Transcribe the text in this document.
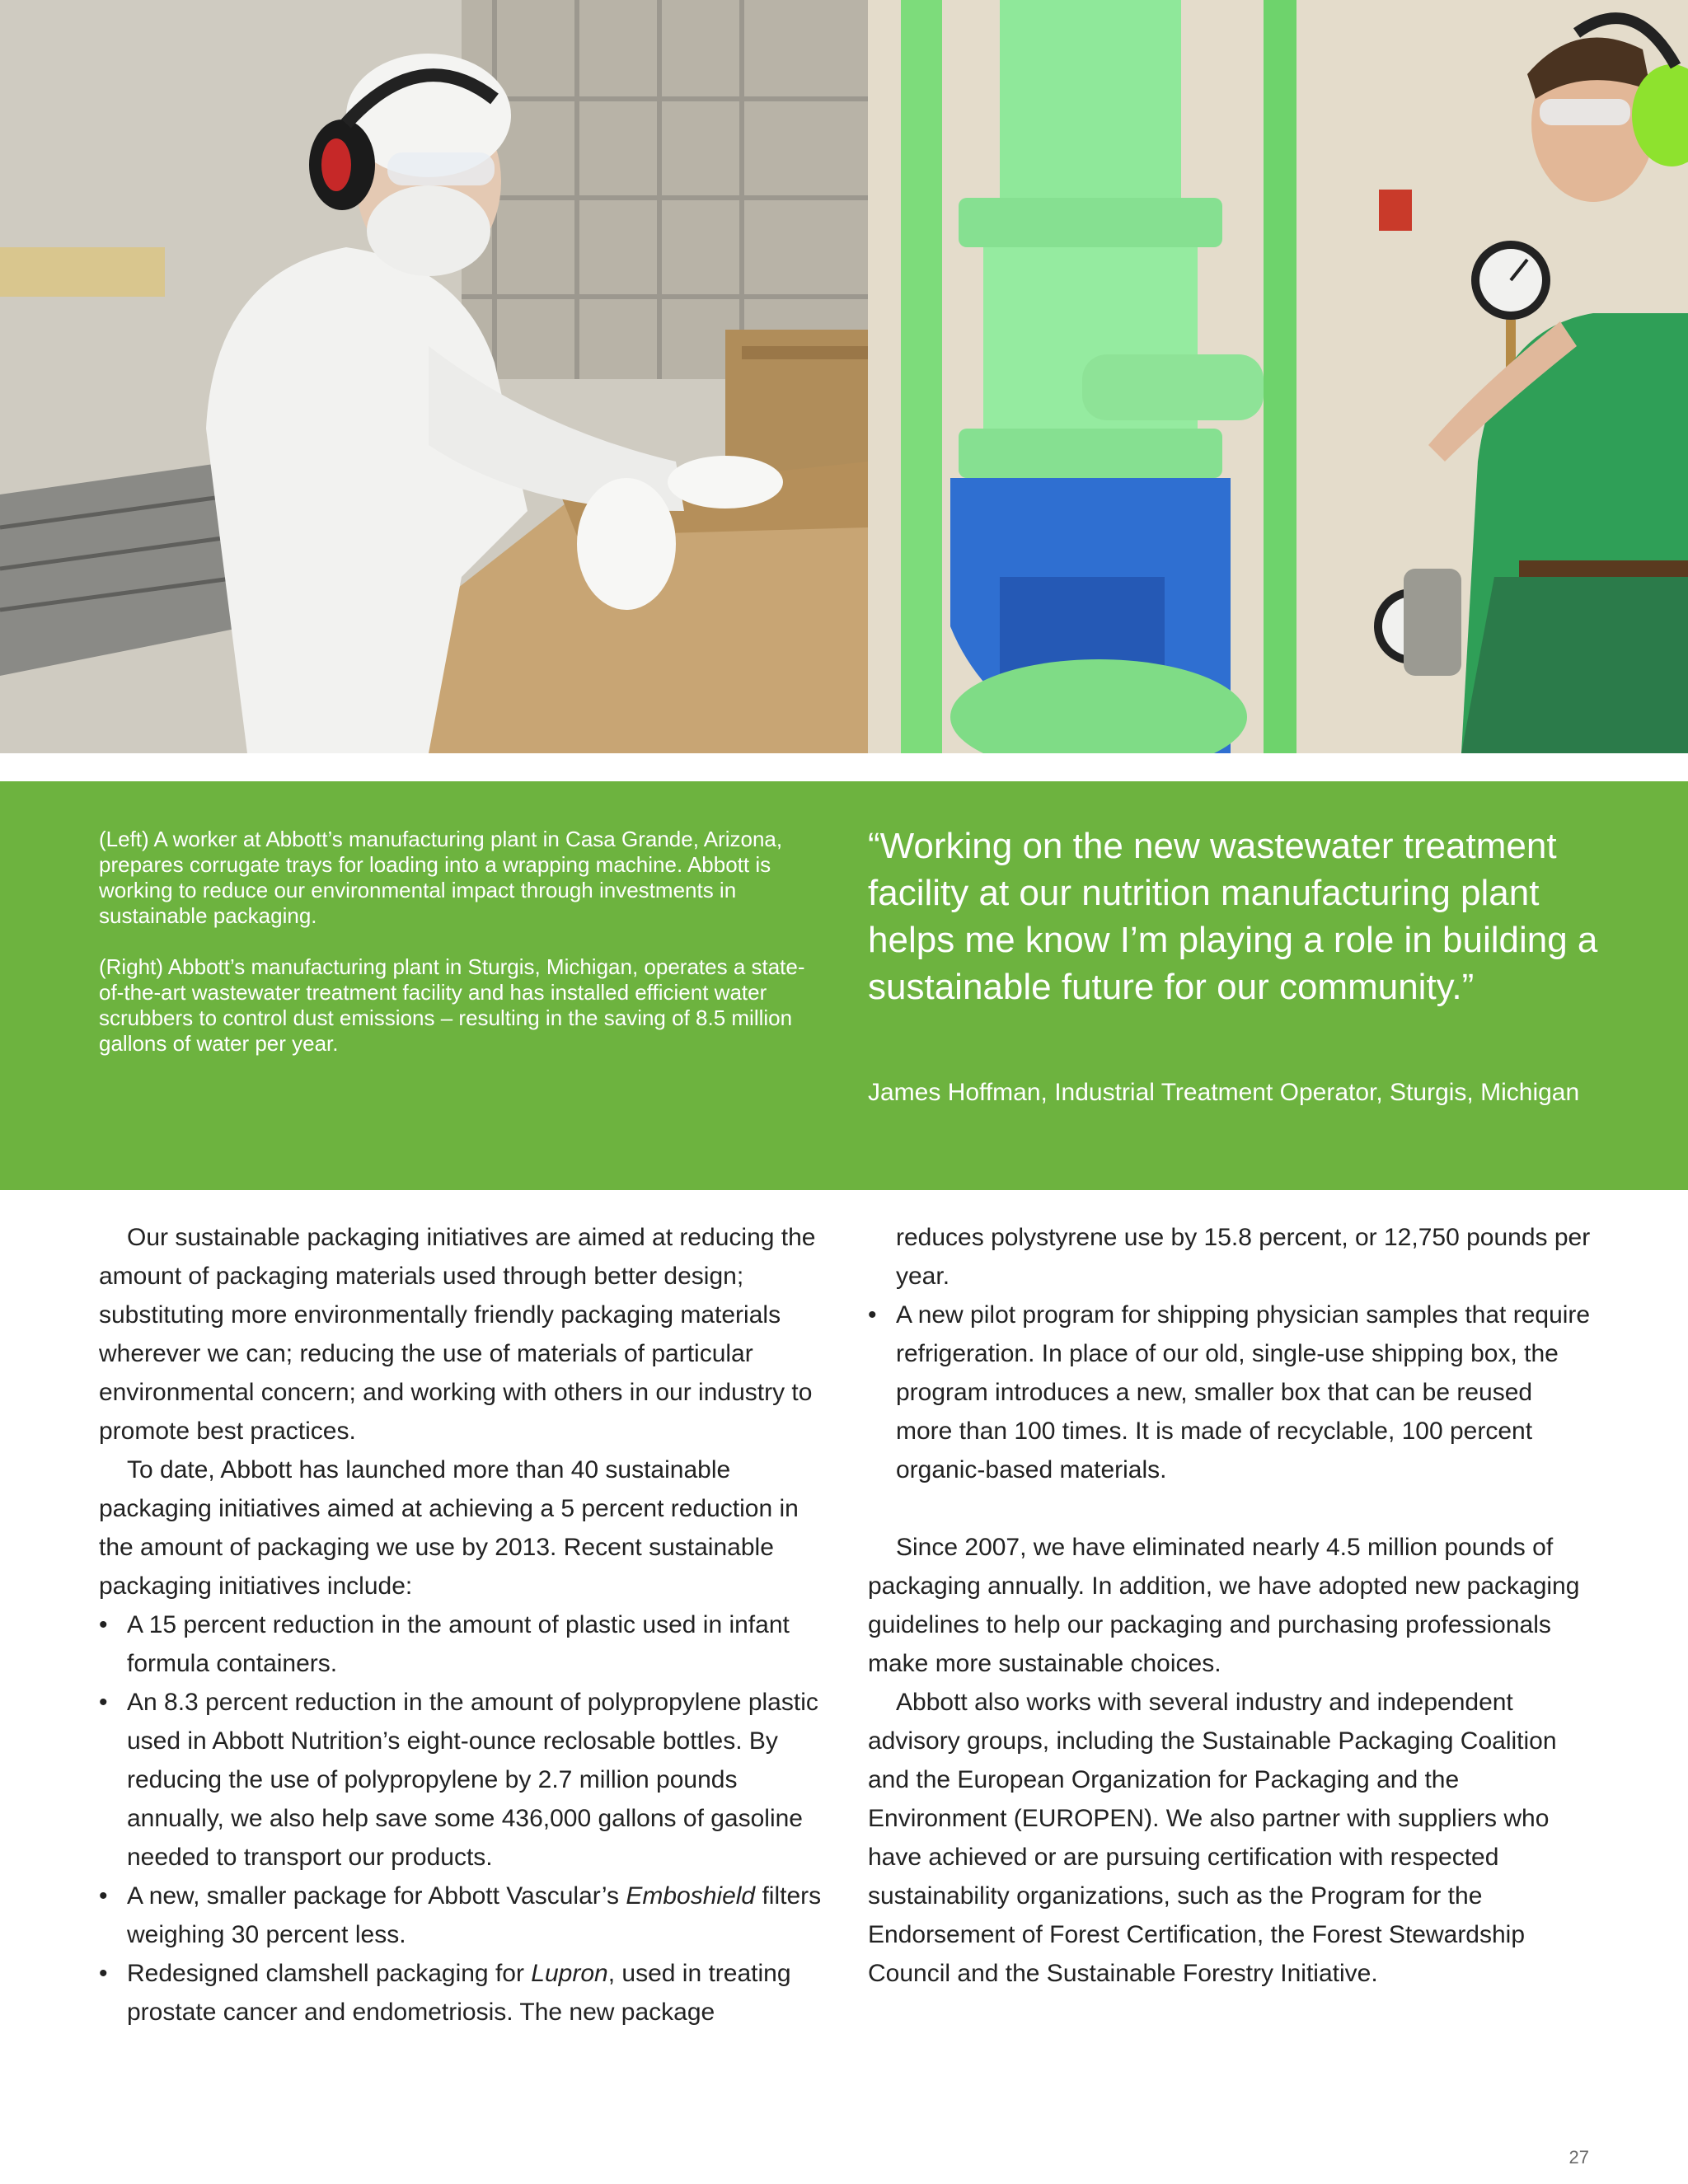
(Left) A worker at Abbott’s manufacturing plant in Casa Grande, Arizona, prepares corrugate trays for loading into a wrapping machine. Abbott is working to reduce our environmental impact through investments in sustainable packaging.

(Right) Abbott’s manufacturing plant in Sturgis, Michigan, operates a state-of-the-art wastewater treatment facility and has installed efficient water scrubbers to control dust emissions – resulting in the saving of 8.5 million gallons of water per year.

“Working on the new wastewater treatment facility at our nutrition manufacturing plant helps me know I’m playing a role in building a sustainable future for our community.”
James Hoffman, Industrial Treatment Operator, Sturgis, Michigan

Our sustainable packaging initiatives are aimed at reducing the amount of packaging materials used through better design; substituting more environmentally friendly packaging materials wherever we can; reducing the use of materials of particular environmental concern; and working with others in our industry to promote best practices.

To date, Abbott has launched more than 40 sustainable packaging initiatives aimed at achieving a 5 percent reduction in the amount of packaging we use by 2013. Recent sustainable packaging initiatives include:

• A 15 percent reduction in the amount of plastic used in infant formula containers.
• An 8.3 percent reduction in the amount of polypropylene plastic used in Abbott Nutrition’s eight-ounce reclosable bottles. By reducing the use of polypropylene by 2.7 million pounds annually, we also help save some 436,000 gallons of gasoline needed to transport our products.
• A new, smaller package for Abbott Vascular’s Emboshield filters weighing 30 percent less.
• Redesigned clamshell packaging for Lupron, used in treating prostate cancer and endometriosis. The new package

reduces polystyrene use by 15.8 percent, or 12,750 pounds per year.

• A new pilot program for shipping physician samples that require refrigeration. In place of our old, single-use shipping box, the program introduces a new, smaller box that can be reused more than 100 times. It is made of recyclable, 100 percent organic-based materials.

Since 2007, we have eliminated nearly 4.5 million pounds of packaging annually. In addition, we have adopted new packaging guidelines to help our packaging and purchasing professionals make more sustainable choices.

Abbott also works with several industry and independent advisory groups, including the Sustainable Packaging Coalition and the European Organization for Packaging and the Environment (EUROPEN). We also partner with suppliers who have achieved or are pursuing certification with respected sustainability organizations, such as the Program for the Endorsement of Forest Certification, the Forest Stewardship Council and the Sustainable Forestry Initiative.

27
